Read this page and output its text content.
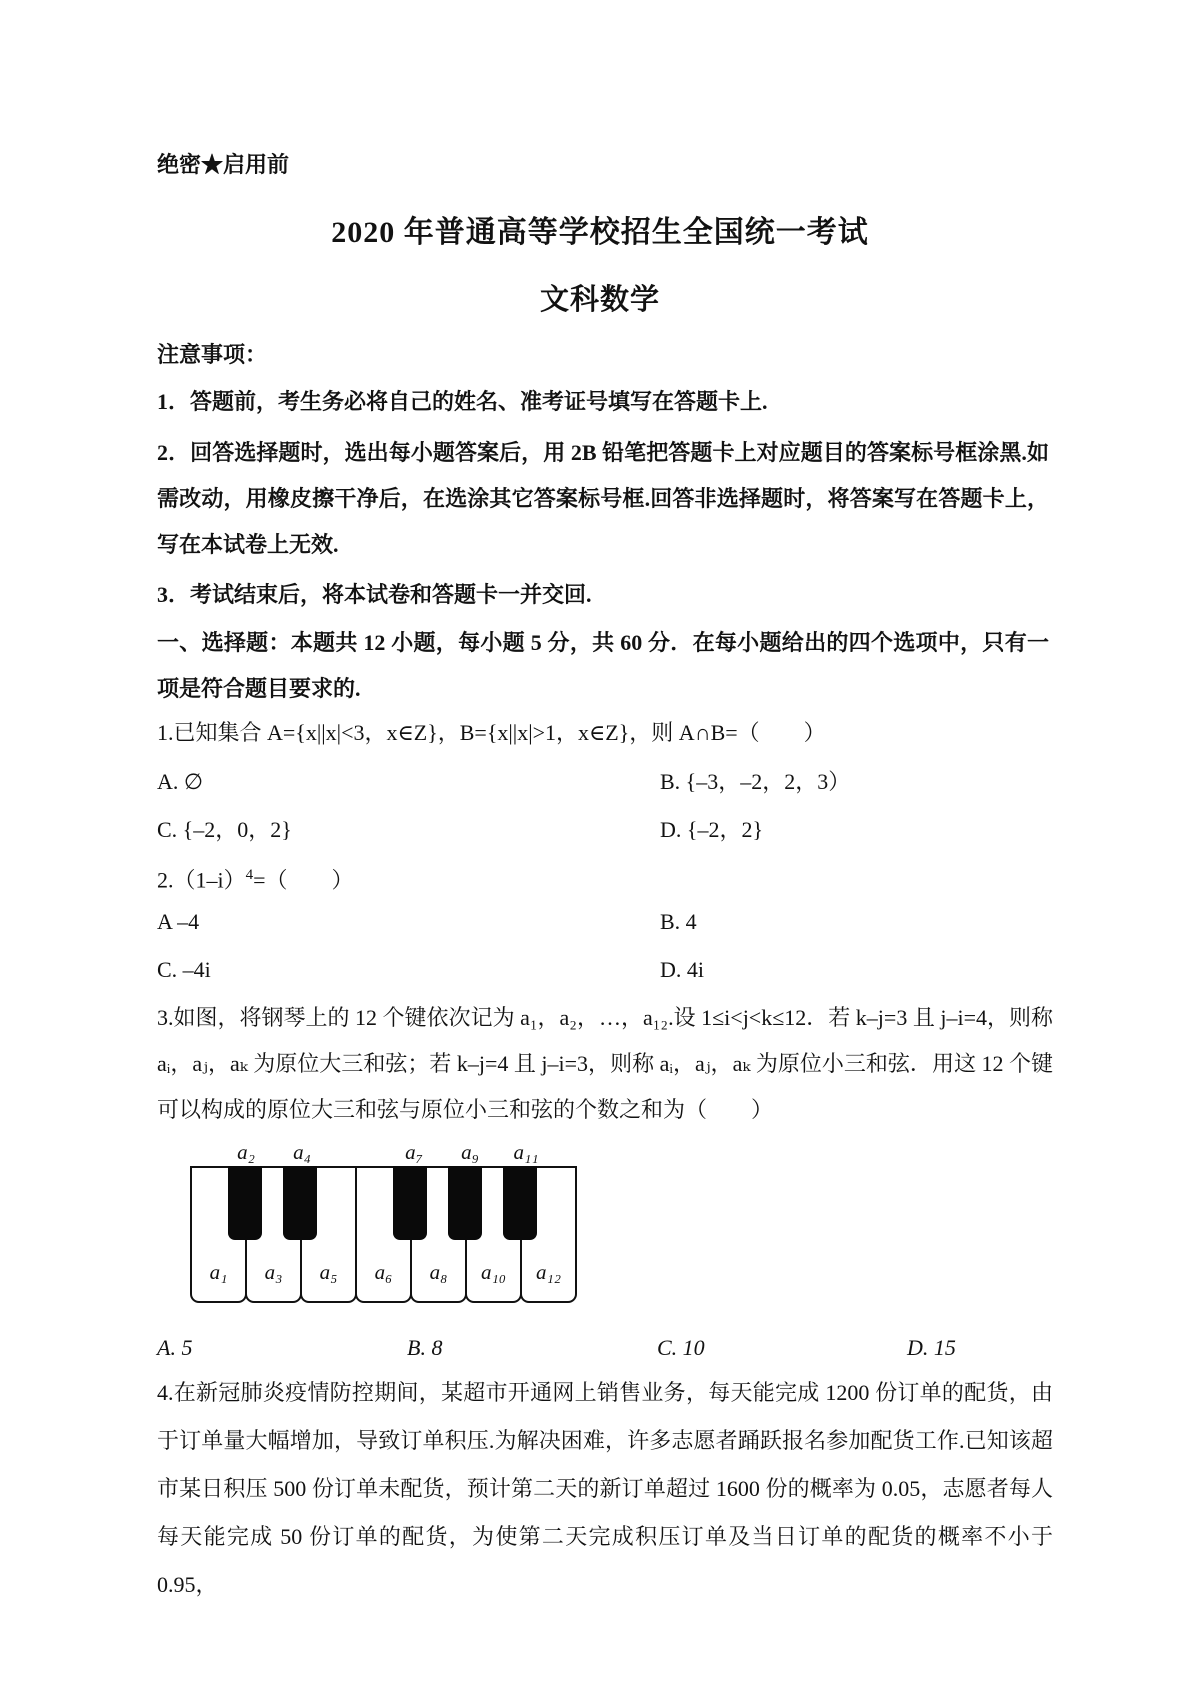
绝密★启用前
2020 年普通高等学校招生全国统一考试
文科数学
注意事项：
1．答题前，考生务必将自己的姓名、准考证号填写在答题卡上.
2．回答选择题时，选出每小题答案后，用 2B 铅笔把答题卡上对应题目的答案标号框涂黑.如需改动，用橡皮擦干净后，在选涂其它答案标号框.回答非选择题时，将答案写在答题卡上，写在本试卷上无效.
3．考试结束后，将本试卷和答题卡一并交回.
一、选择题：本题共 12 小题，每小题 5 分，共 60 分．在每小题给出的四个选项中，只有一项是符合题目要求的.
1.已知集合 A={x||x|<3，x∈Z}，B={x||x|>1，x∈Z}，则 A∩B=（　　）
A. ∅	B. {–3，–2，2，3）
C. {–2，0，2}	D. {–2，2}
$2.(1-i)^4=$（　　）
A –4	B. 4
C. –4i	D. 4i
3.如图，将钢琴上的 12 个键依次记为 a₁，a₂，…，a₁₂.设 1≤i<j<k≤12．若 k–j=3 且 j–i=4，则称 aᵢ，aⱼ，aₖ 为原位大三和弦；若 k–j=4 且 j–i=3，则称 aᵢ，aⱼ，aₖ 为原位小三和弦．用这 12 个键可以构成的原位大三和弦与原位小三和弦的个数之和为（　　）
a₂ a₄	a₇ a₉ a₁₁
a₁ a₃ a₅ a₆ a₈ a₁₀ a₁₂
A. 5	B. 8	C. 10	D. 15
4.在新冠肺炎疫情防控期间，某超市开通网上销售业务，每天能完成 1200 份订单的配货，由于订单量大幅增加，导致订单积压.为解决困难，许多志愿者踊跃报名参加配货工作.已知该超市某日积压 500 份订单未配货，预计第二天的新订单超过 1600 份的概率为 0.05，志愿者每人每天能完成 50 份订单的配货，为使第二天完成积压订单及当日订单的配货的概率不小于 0.95，
